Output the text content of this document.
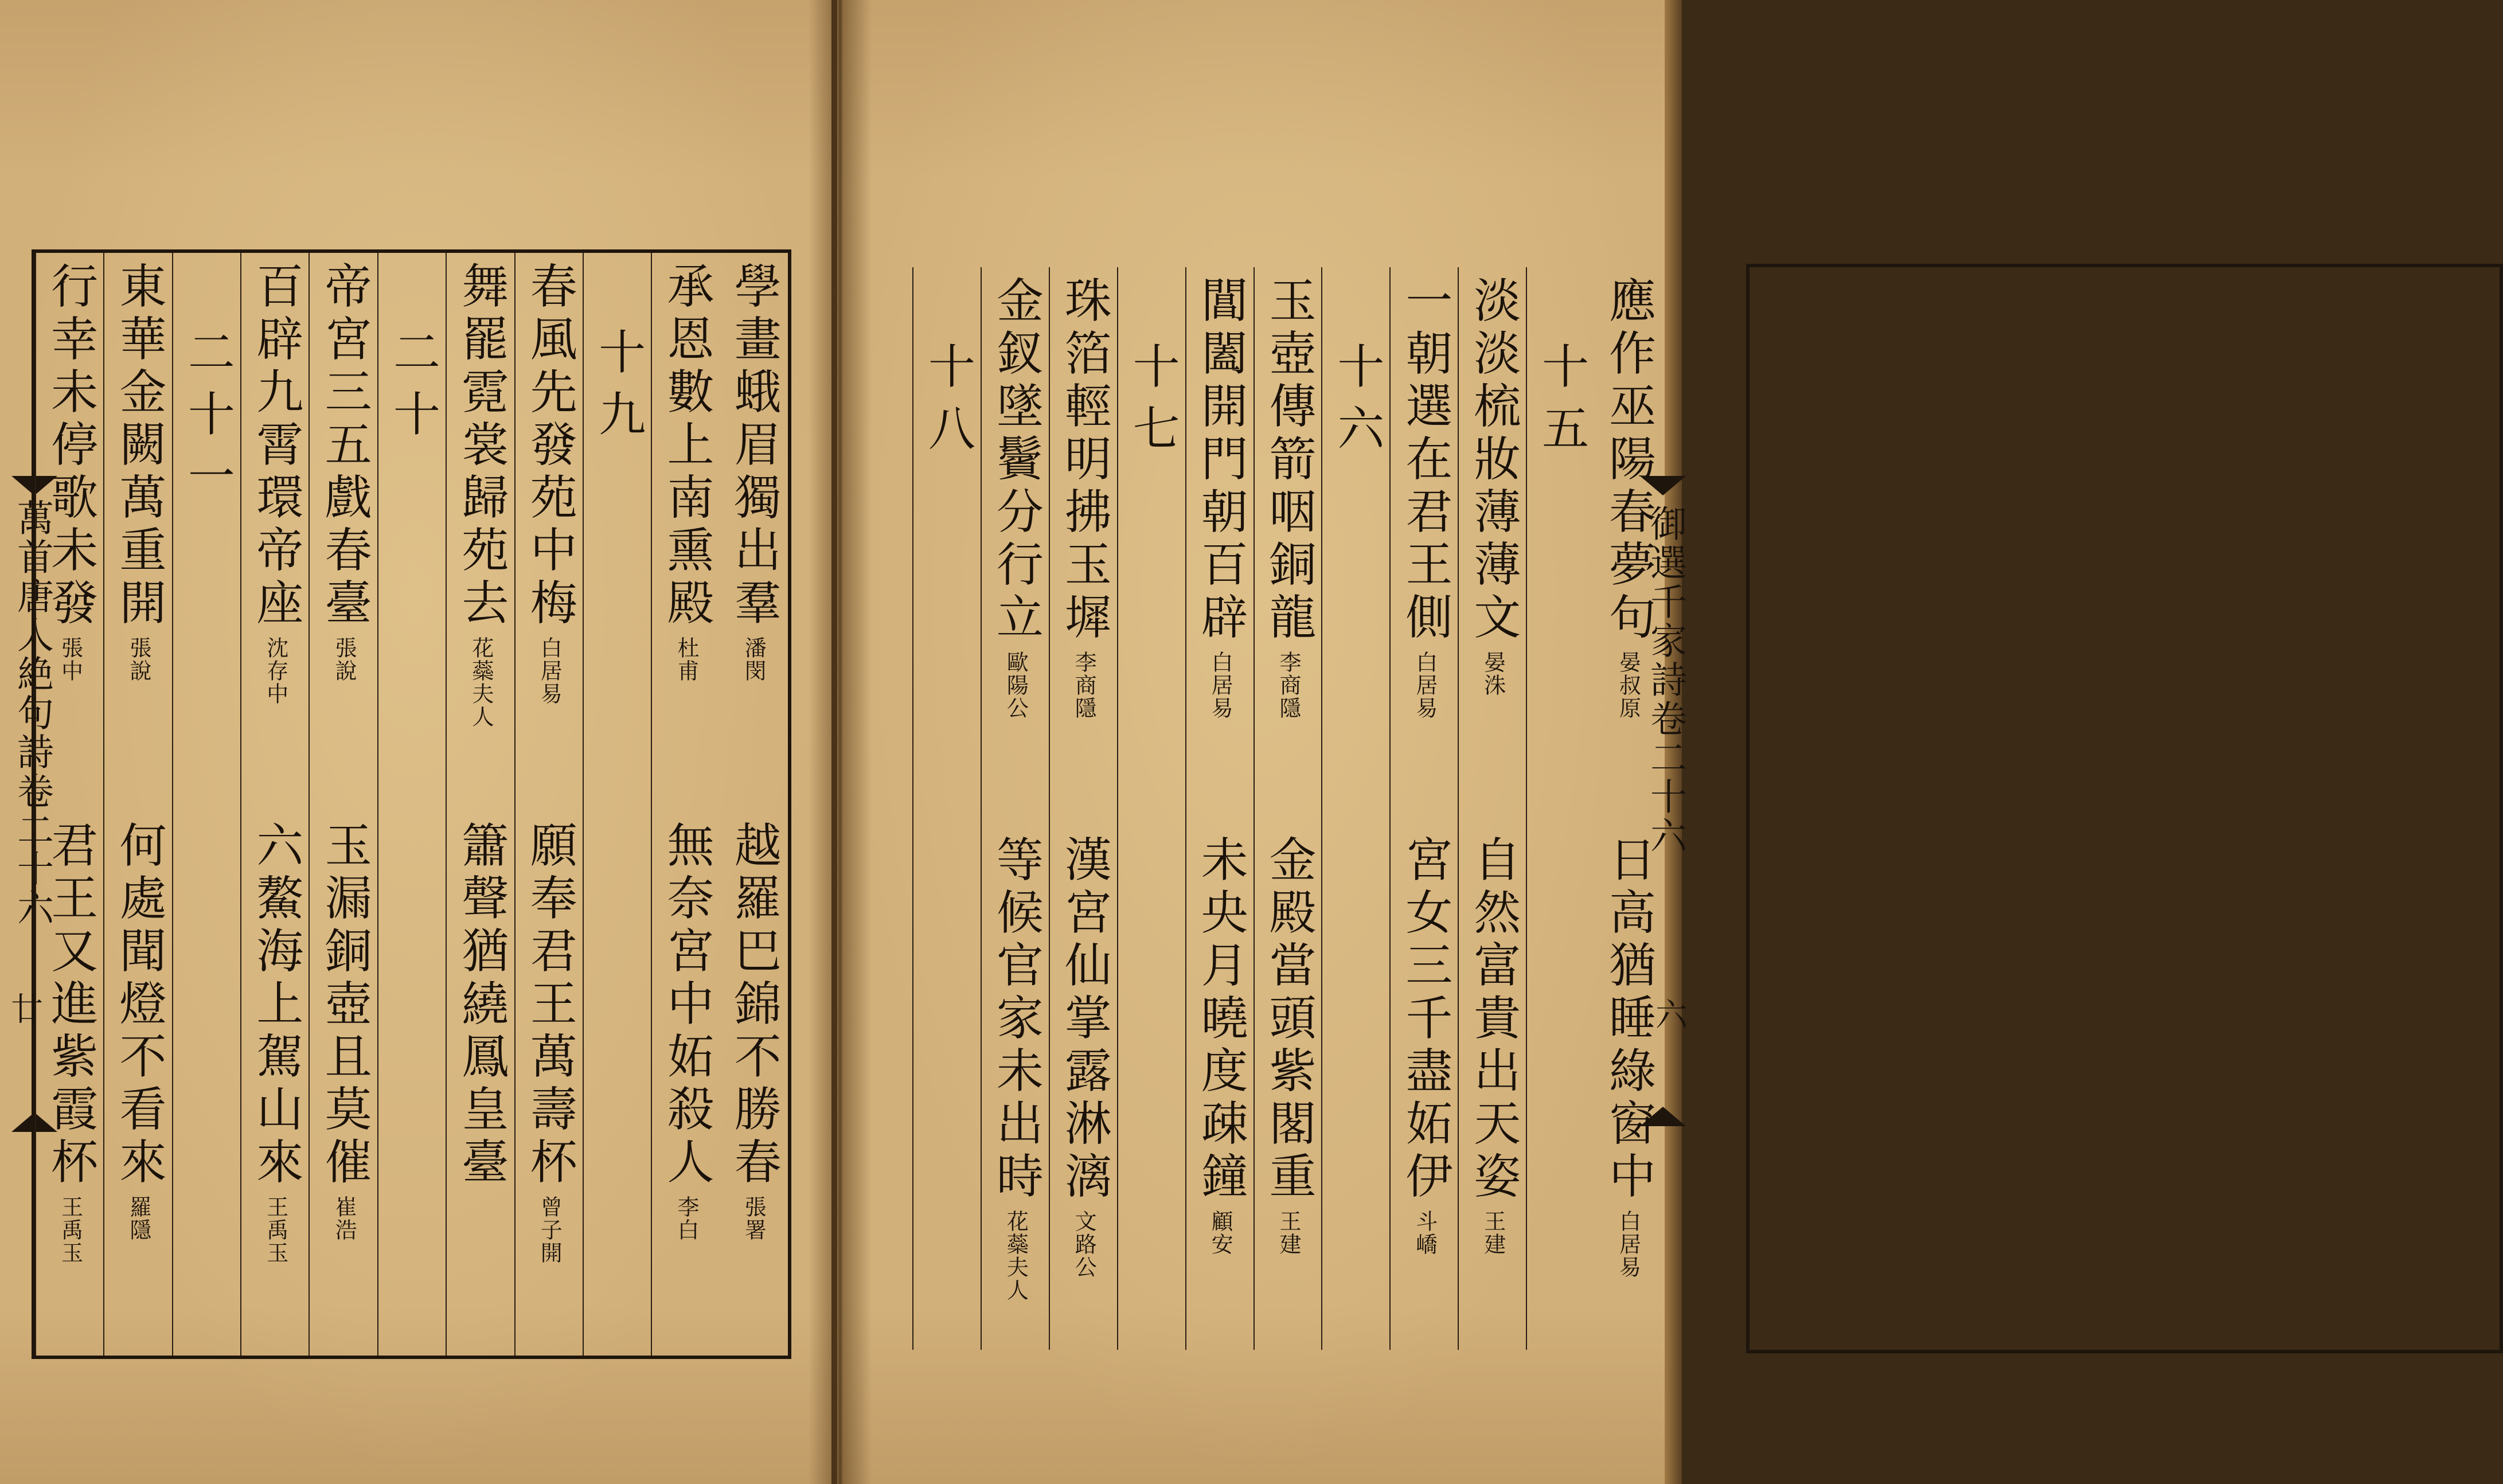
萬首唐人絶句詩卷二十六
廿
御選千家詩卷二十六
六
學畫蛾眉獨出羣
潘閔
越羅巴錦不勝春
張署
承恩數上南熏殿
杜甫
無奈宮中妬殺人
李白
十九
春風先發苑中梅
白居易
願奉君王萬壽杯
曾子開
舞罷霓裳歸苑去
花蘂夫人
簫聲猶繞鳳皇臺
二十
帝宮三五戲春臺
張說
玉漏銅壺且莫催
崔浩
百辟九霄環帝座
沈存中
六鰲海上駕山來
王禹玉
二十一
東華金闕萬重開
張說
何處聞燈不看來
羅隱
行幸未停歌未發
張中
君王又進紫霞杯
王禹玉
應作巫陽春夢句
晏叔原
日高猶睡綠窗中
白居易
十五
淡淡梳妝薄薄文
晏洙
自然富貴出天姿
王建
一朝選在君王側
白居易
宮女三千盡妬伊
斗嶠
十六
玉壺傳箭咽銅龍
李商隱
金殿當頭紫閣重
王建
閶闔開門朝百辟
白居易
未央月曉度疎鐘
顧安
十七
珠箔輕明拂玉墀
李商隱
漢宮仙掌露淋漓
文路公
金釵墜鬢分行立
歐陽公
等候官家未出時
花蘂夫人
十八
